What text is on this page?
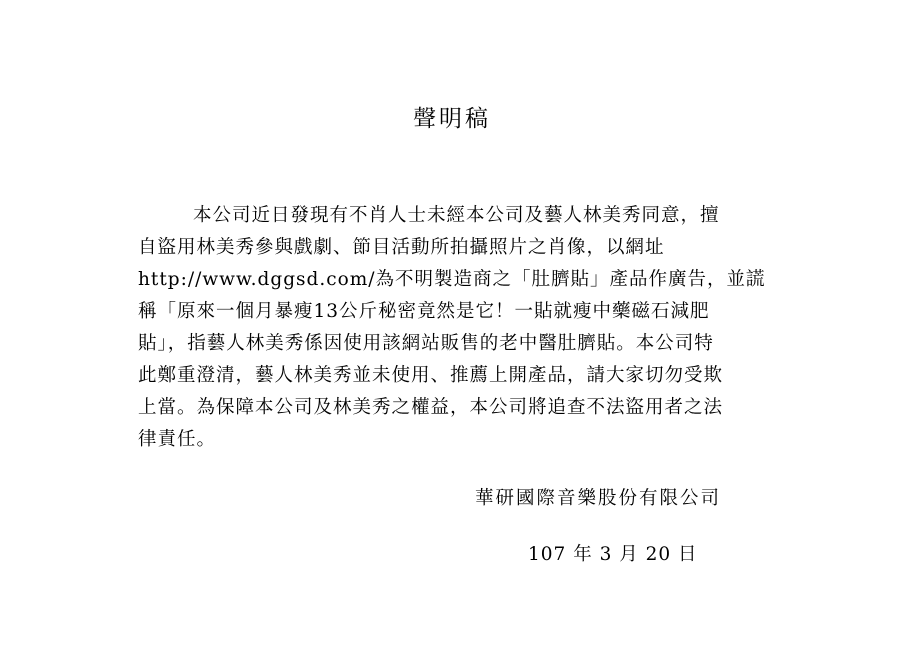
聲明稿
本公司近日發現有不肖人士未經本公司及藝人林美秀同意，擅
自盜用林美秀參與戲劇、節目活動所拍攝照片之肖像，以網址
http://www.dggsd.com/為不明製造商之「肚臍貼」產品作廣告，並謊
稱「原來一個月暴瘦13公斤秘密竟然是它！一貼就瘦中藥磁石減肥
貼」，指藝人林美秀係因使用該網站販售的老中醫肚臍貼。本公司特
此鄭重澄清，藝人林美秀並未使用、推薦上開產品，請大家切勿受欺
上當。為保障本公司及林美秀之權益，本公司將追查不法盜用者之法
律責任。
華研國際音樂股份有限公司
107 年 3 月 20 日
